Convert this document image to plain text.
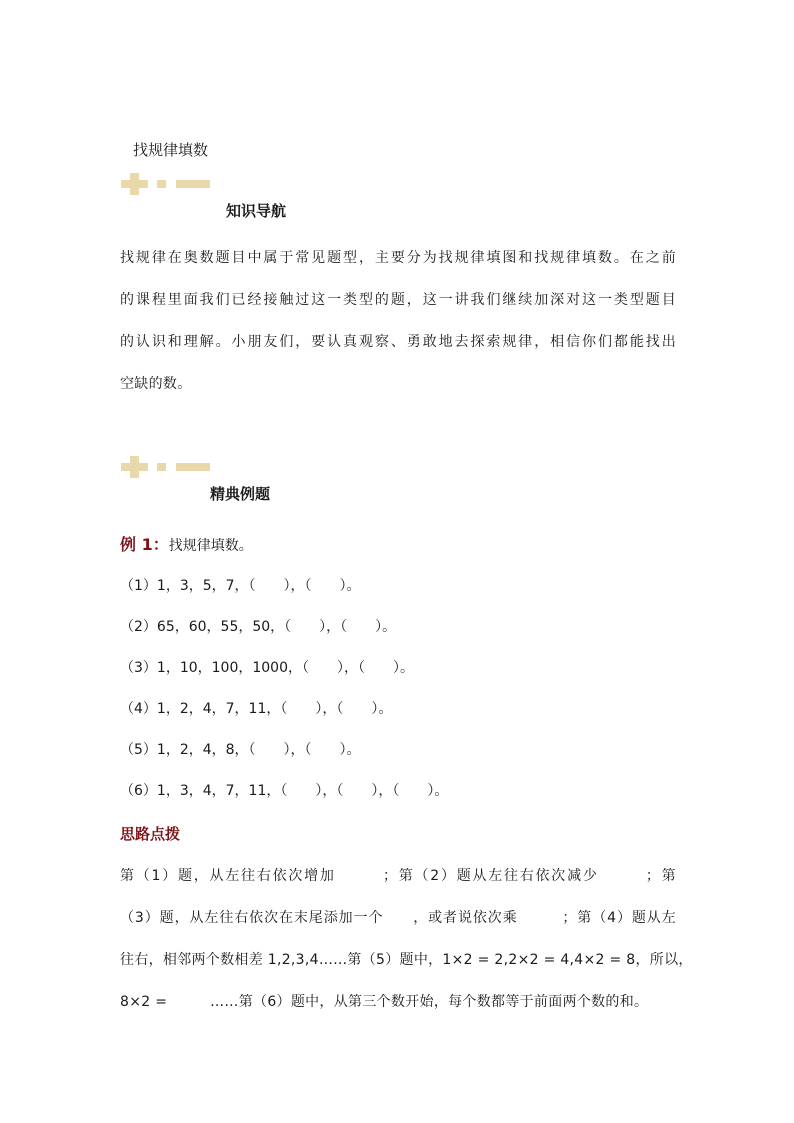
找规律填数
知识导航

找规律在奥数题目中属于常见题型，主要分为找规律填图和找规律填数。在之前

的课程里面我们已经接触过这一类型的题，这一讲我们继续加深对这一类型题目

的认识和理解。小朋友们，要认真观察、勇敢地去探索规律，相信你们都能找出

空缺的数。

精典例题
例 1：找规律填数。
（1）1，3，5，7，（　　），（　　）。
（2）65，60，55，50，（　　），（　　）。
（3）1，10，100，1000，（　　），（　　）。
（4）1，2，4，7，11，（　　），（　　）。
（5）1，2，4，8，（　　），（　　）。
（6）1，3，4，7，11，（　　），（　　），（　　）。
思路点拨
第（1）题，从左往右依次增加　　　；第（2）题从左往右依次减少　　　；第
（3）题，从左往右依次在末尾添加一个　　，或者说依次乘　　　；第（4）题从左
往右，相邻两个数相差 1,2,3,4……第（5）题中，1×2 = 2,2×2 = 4,4×2 = 8，所以，
8×2 =　　　……第（6）题中，从第三个数开始，每个数都等于前面两个数的和。
